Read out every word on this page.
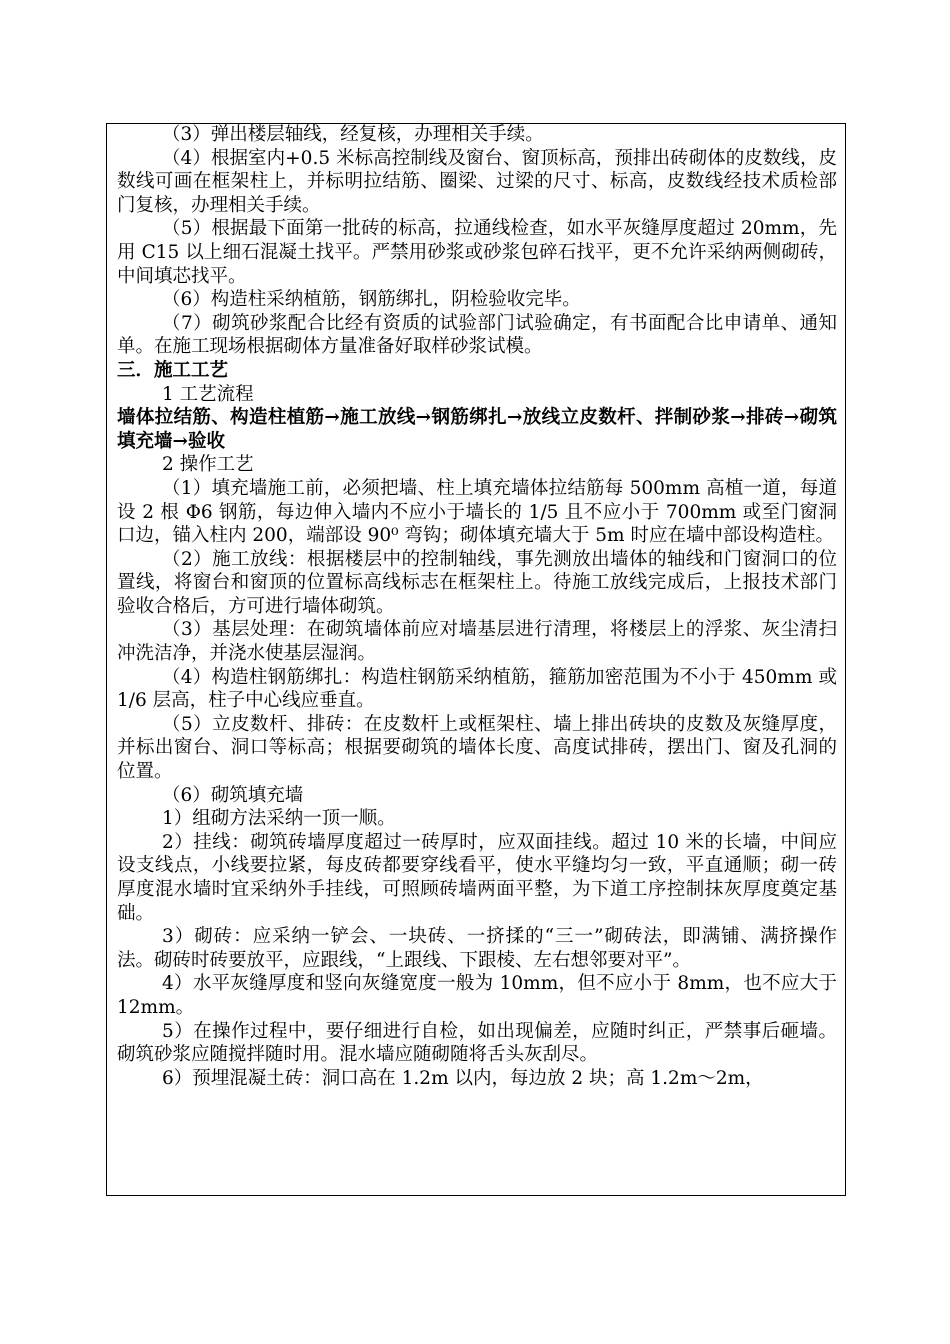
（3）弹出楼层轴线，经复核，办理相关手续。

（4）根据室内+0.5 米标高控制线及窗台、窗顶标高，预排出砖砌体的皮数线，皮数线可画在框架柱上，并标明拉结筋、圈梁、过梁的尺寸、标高，皮数线经技术质检部门复核，办理相关手续。

（5）根据最下面第一批砖的标高，拉通线检查，如水平灰缝厚度超过 20mm，先用 C15 以上细石混凝土找平。严禁用砂浆或砂浆包碎石找平，更不允许采纳两侧砌砖，中间填芯找平。

（6）构造柱采纳植筋，钢筋绑扎，阴检验收完毕。

（7）砌筑砂浆配合比经有资质的试验部门试验确定，有书面配合比申请单、通知单。在施工现场根据砌体方量准备好取样砂浆试模。

三．施工工艺

1 工艺流程

墙体拉结筋、构造柱植筋→施工放线→钢筋绑扎→放线立皮数杆、拌制砂浆→排砖→砌筑填充墙→验收

2 操作工艺

（1）填充墙施工前，必须把墙、柱上填充墙体拉结筋每 500mm 高植一道，每道设 2 根 Φ6 钢筋，每边伸入墙内不应小于墙长的 1/5 且不应小于 700mm 或至门窗洞口边，锚入柱内 200，端部设 90⁰ 弯钩；砌体填充墙大于 5m 时应在墙中部设构造柱。

（2）施工放线：根据楼层中的控制轴线，事先测放出墙体的轴线和门窗洞口的位置线，将窗台和窗顶的位置标高线标志在框架柱上。待施工放线完成后，上报技术部门验收合格后，方可进行墙体砌筑。

（3）基层处理：在砌筑墙体前应对墙基层进行清理，将楼层上的浮浆、灰尘清扫冲洗洁净，并浇水使基层湿润。

（4）构造柱钢筋绑扎：构造柱钢筋采纳植筋，箍筋加密范围为不小于 450mm 或 1/6 层高，柱子中心线应垂直。

（5）立皮数杆、排砖：在皮数杆上或框架柱、墙上排出砖块的皮数及灰缝厚度，并标出窗台、洞口等标高；根据要砌筑的墙体长度、高度试排砖，摆出门、窗及孔洞的位置。

（6）砌筑填充墙

1）组砌方法采纳一顶一顺。

2）挂线：砌筑砖墙厚度超过一砖厚时，应双面挂线。超过 10 米的长墙，中间应设支线点，小线要拉紧，每皮砖都要穿线看平，使水平缝均匀一致，平直通顺；砌一砖厚度混水墙时宜采纳外手挂线，可照顾砖墙两面平整，为下道工序控制抹灰厚度奠定基础。

3）砌砖：应采纳一铲会、一块砖、一挤揉的“三一”砌砖法，即满铺、满挤操作法。砌砖时砖要放平，应跟线，“上跟线、下跟棱、左右想邻要对平”。

4）水平灰缝厚度和竖向灰缝宽度一般为 10mm，但不应小于 8mm，也不应大于 12mm。

5）在操作过程中，要仔细进行自检，如出现偏差，应随时纠正，严禁事后砸墙。砌筑砂浆应随搅拌随时用。混水墙应随砌随将舌头灰刮尽。

6）预埋混凝土砖：洞口高在 1.2m 以内，每边放 2 块；高 1.2m～2m，
